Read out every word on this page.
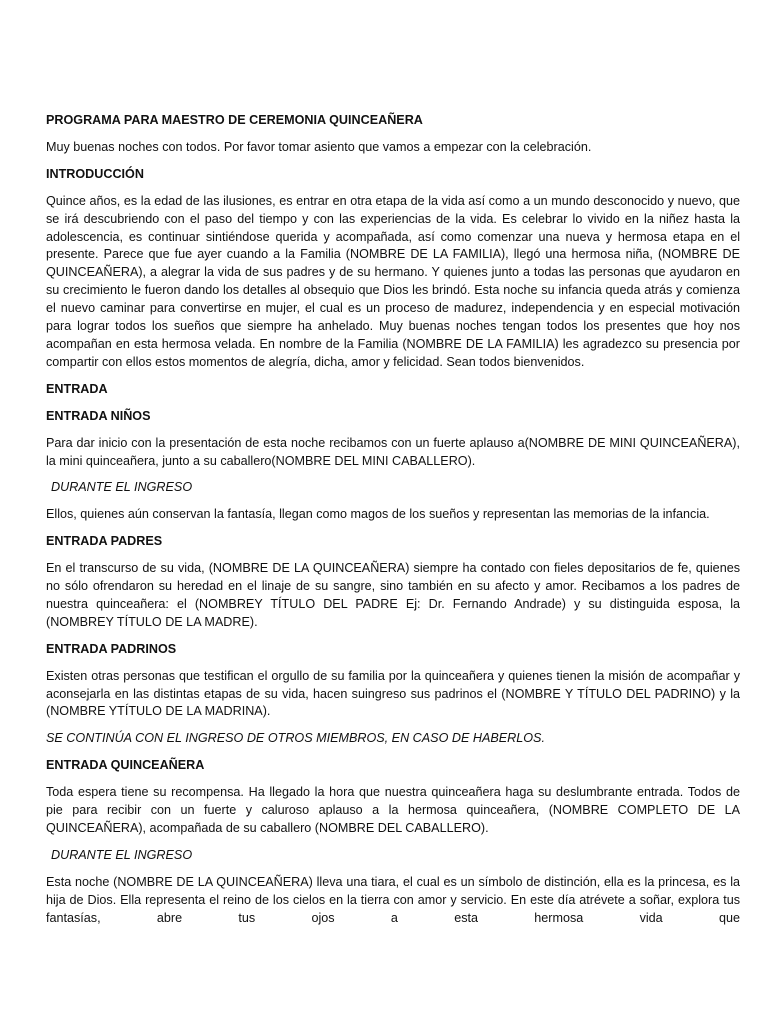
PROGRAMA PARA MAESTRO DE CEREMONIA QUINCEAÑERA

Muy buenas noches con todos. Por favor tomar asiento que vamos a empezar con la celebración.

INTRODUCCIÓN

Quince años, es la edad de las ilusiones, es entrar en otra etapa de la vida así como a un mundo desconocido y nuevo, que se irá descubriendo con el paso del tiempo y con las experiencias de la vida. Es celebrar lo vivido en la niñez hasta la adolescencia, es continuar sintiéndose querida y acompañada, así como comenzar una nueva y hermosa etapa en el presente. Parece que fue ayer cuando a la Familia (NOMBRE DE LA FAMILIA), llegó una hermosa niña, (NOMBRE DE QUINCEAÑERA), a alegrar la vida de sus padres y de su hermano. Y quienes junto a todas las personas que ayudaron en su crecimiento le fueron dando los detalles al obsequio que Dios les brindó. Esta noche su infancia queda atrás y comienza el nuevo caminar para convertirse en mujer, el cual es un proceso de madurez, independencia y en especial motivación para lograr todos los sueños que siempre ha anhelado. Muy buenas noches tengan todos los presentes que hoy nos acompañan en esta hermosa velada. En nombre de la Familia (NOMBRE DE LA FAMILIA) les agradezco su presencia por compartir con ellos estos momentos de alegría, dicha, amor y felicidad. Sean todos bienvenidos.

ENTRADA

ENTRADA NIÑOS

Para dar inicio con la presentación de esta noche recibamos con un fuerte aplauso a(NOMBRE DE MINI QUINCEAÑERA), la mini quinceañera, junto a su caballero(NOMBRE DEL MINI CABALLERO).

DURANTE EL INGRESO

Ellos, quienes aún conservan la fantasía, llegan como magos de los sueños y representan las memorias de la infancia.

ENTRADA PADRES

En el transcurso de su vida, (NOMBRE DE LA QUINCEAÑERA) siempre ha contado con fieles depositarios de fe, quienes no sólo ofrendaron su heredad en el linaje de su sangre, sino también en su afecto y amor. Recibamos a los padres de nuestra quinceañera: el (NOMBREY TÍTULO DEL PADRE Ej: Dr. Fernando Andrade) y su distinguida esposa, la (NOMBREY TÍTULO DE LA MADRE).

ENTRADA PADRINOS

Existen otras personas que testifican el orgullo de su familia por la quinceañera y quienes tienen la misión de acompañar y aconsejarla en las distintas etapas de su vida, hacen suingreso sus padrinos el (NOMBRE Y TÍTULO DEL PADRINO) y la (NOMBRE YTÍTULO DE LA MADRINA).

SE CONTINÚA CON EL INGRESO DE OTROS MIEMBROS, EN CASO DE HABERLOS.

ENTRADA QUINCEAÑERA

Toda espera tiene su recompensa. Ha llegado la hora que nuestra quinceañera haga su deslumbrante entrada. Todos de pie para recibir con un fuerte y caluroso aplauso a la hermosa quinceañera, (NOMBRE COMPLETO DE LA QUINCEAÑERA), acompañada de su caballero (NOMBRE DEL CABALLERO).

DURANTE EL INGRESO

Esta noche (NOMBRE DE LA QUINCEAÑERA) lleva una tiara, el cual es un símbolo de distinción, ella es la princesa, es la hija de Dios. Ella representa el reino de los cielos en la tierra con amor y servicio. En este día atrévete a soñar, explora tus fantasías, abre tus ojos a esta hermosa vida que
